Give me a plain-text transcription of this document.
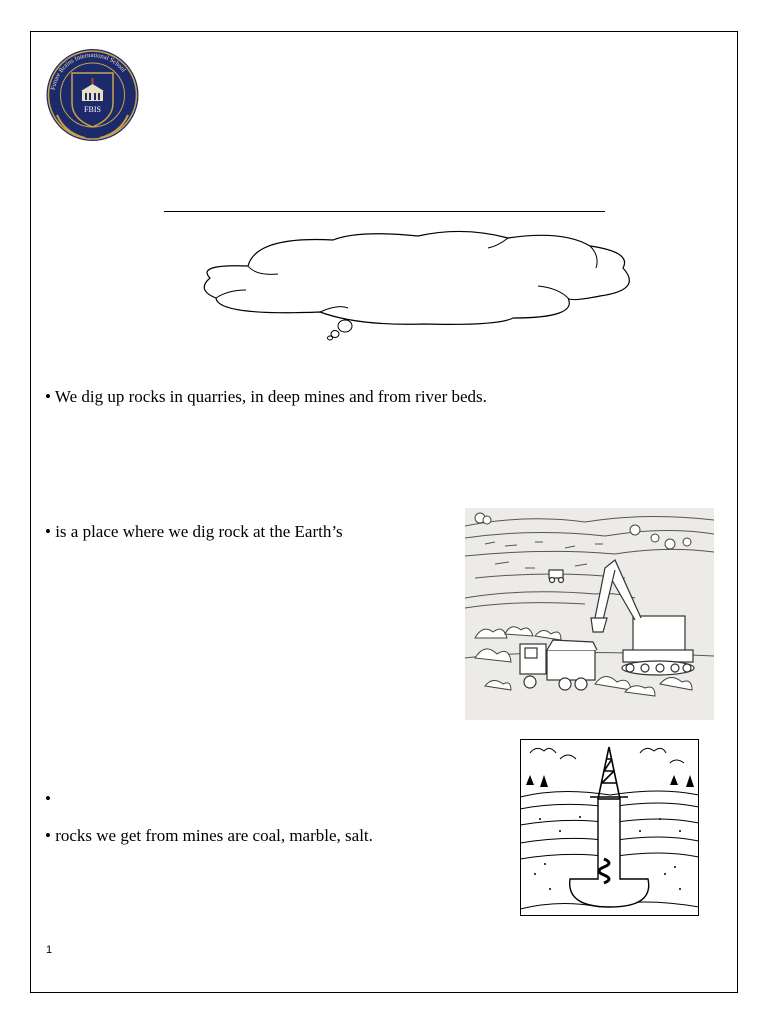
Future Brains International School
FBIS
• We dig up rocks in quarries, in deep mines and from river beds.
• is a place where we dig rock at the Earth’s
•
• rocks we get from mines are coal, marble, salt.
1
